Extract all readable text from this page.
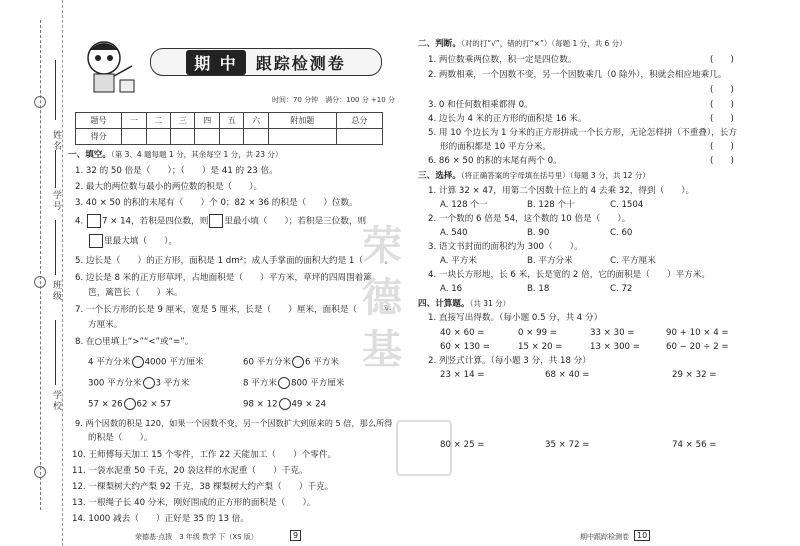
姓名
学号
班级
学校
期 中	跟踪检测卷
时间：70 分钟　满分：100 分 +10 分
题号	一	二	三	四	五	六	附加题	总分
得分								
一、填空。（第 3、4 题每题 1 分，其余每空 1 分，共 23 分）
1. 32 的 50 倍是（　　）；（　　）是 41 的 23 倍。
2. 最大的两位数与最小的两位数的积是（　　）。
3. 40 × 50 的积的末尾有（　　）个 0；82 × 36 的积是（　　）位数。
4. 7 × 14，若积是四位数，则 里最小填（　　）；若积是三位数，则
里最大填（　　）。
5. 边长是（　　）的正方形，面积是 1 dm²；成人手掌面的面积大约是 1（　　）。
6. 边长是 8 米的正方形草坪，占地面积是（　　）平方米，草坪的四周围着篱
笆，篱笆长（　　）米。
7. 一个长方形的长是 9 厘米，宽是 5 厘米，长是（　　）厘米，面积是（　　）平
方厘米。
8. 在○里填上“>”“<”或“=”。
4 平方分米 4000 平方厘米	60 平方分米 6 平方米
300 平方分米 3 平方米	8 平方米 800 平方厘米
57 × 26 62 × 57	98 × 12 49 × 24
9. 两个因数的积是 120，如果一个因数不变，另一个因数扩大到原来的 5 倍，那么所得
的积是（　　）。
10. 王师傅每天加工 15 个零件，工作 22 天能加工（　　）个零件。
11. 一袋水泥重 50 千克，20 袋这样的水泥重（　　）千克。
12. 一棵梨树大约产梨 92 千克，38 棵梨树大约产梨（　　）千克。
13. 一根绳子长 40 分米，刚好围成的正方形的面积是（　　）。
14. 1000 减去（　　）正好是 35 的 13 倍。
荣德基·点拨　3 年级 数学 下（XS 版）	9
荣德基
二、判断。（对的打“√”，错的打“×”）（每题 1 分，共 6 分）
1. 两位数乘两位数，积一定是四位数。	(　　)
2. 两数相乘，一个因数不变，另一个因数乘几（0 除外），积就会相应地乘几。
(　　)
3. 0 和任何数相乘都得 0。	(　　)
4. 边长为 4 米的正方形的面积是 16 米。	(　　)
5. 用 10 个边长为 1 分米的正方形拼成一个长方形，无论怎样拼（不重叠），长方
形的面积都是 10 平方分米。	(　　)
6. 86 × 50 的积的末尾有两个 0。	(　　)
三、选择。（将正确答案的字母填在括号里）（每题 3 分，共 12 分）
1. 计算 32 × 47，用第二个因数十位上的 4 去乘 32，得到（　　）。
A. 128 个一	B. 128 个十	C. 1504
2. 一个数的 6 倍是 54，这个数的 10 倍是（　　）。
A. 540	B. 90	C. 60
3. 语文书封面的面积约为 300（　　）。
A. 平方米	B. 平方分米	C. 平方厘米
4. 一块长方形地，长 6 米，长是宽的 2 倍，它的面积是（　　）平方米。
A. 16	B. 18	C. 72
四、计算题。（共 31 分）
1. 直接写出得数。（每小题 0.5 分，共 4 分）
40 × 60 =	0 × 99 =	33 × 30 =	90 + 10 × 4 =
60 × 130 =	15 × 20 =	13 × 300 =	60 − 20 ÷ 2 =
2. 列竖式计算。（每小题 3 分，共 18 分）
23 × 14 =	68 × 40 =	29 × 32 =
80 × 25 =	35 × 72 =	74 × 56 =
期中跟踪检测卷	10
